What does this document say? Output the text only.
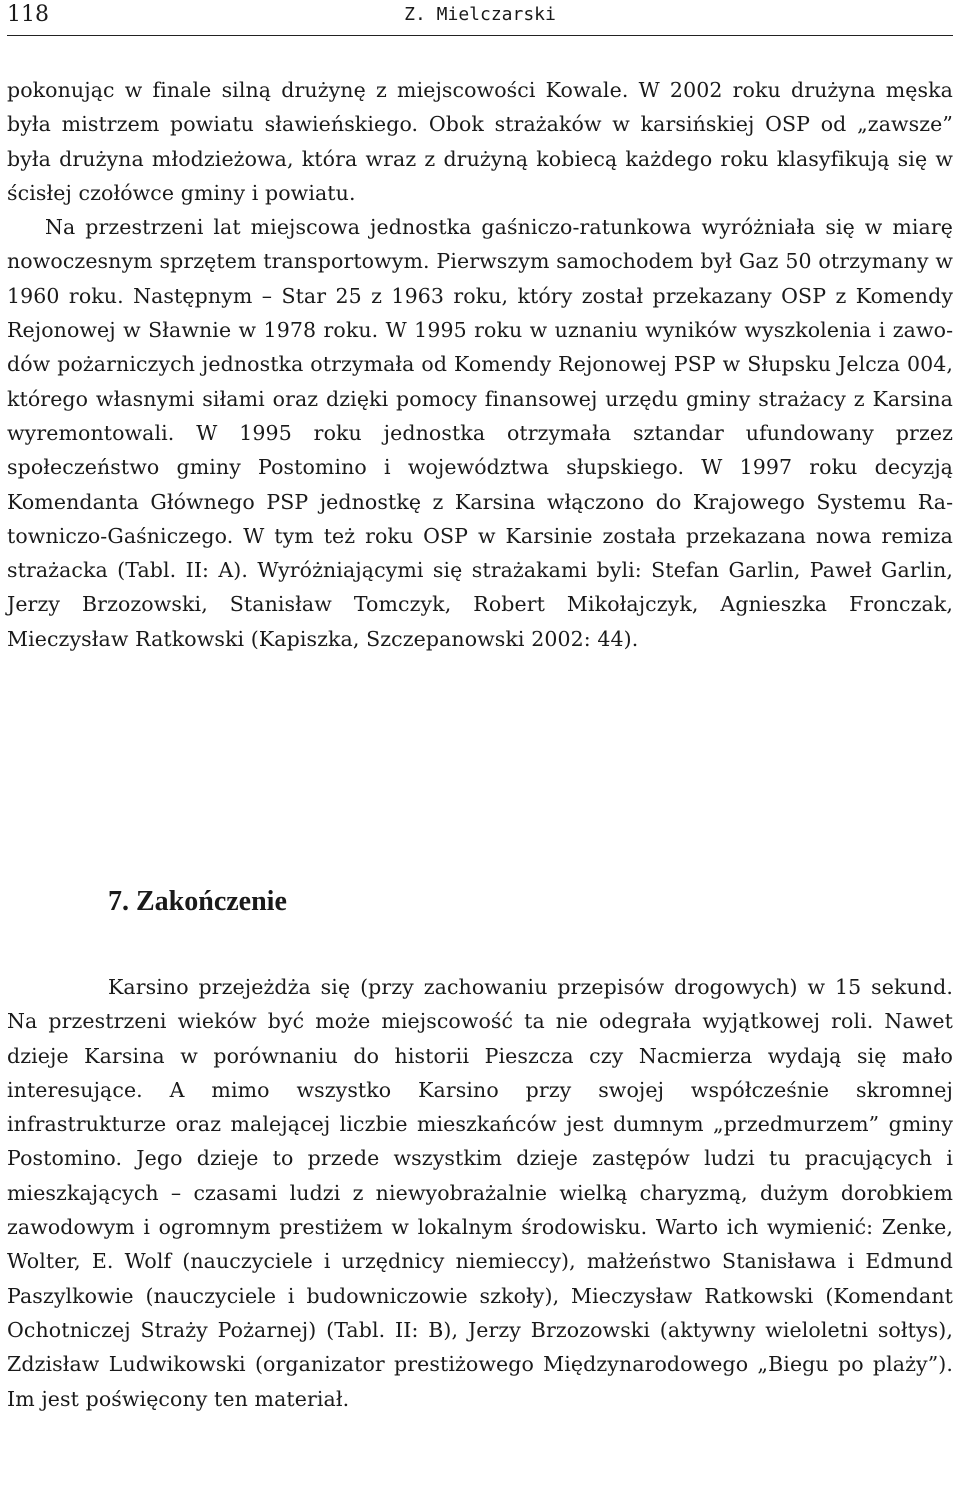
118	Z. Mielczarski

pokonując w finale silną drużynę z miejscowości Kowale. W 2002 roku drużyna męska była mistrzem powiatu sławieńskiego. Obok strażaków w karsińskiej OSP od „zawsze” była drużyna młodzieżowa, która wraz z drużyną kobiecą każdego roku klasyfikują się w ścisłej czołówce gminy i powiatu.

Na przestrzeni lat miejscowa jednostka gaśniczo-ratunkowa wyróżniała się w miarę nowoczesnym sprzętem transportowym. Pierwszym samochodem był Gaz 50 otrzymany w 1960 roku. Następnym – Star 25 z 1963 roku, który został przekazany OSP z Komendy Rejonowej w Sławnie w 1978 roku. W 1995 roku w uznaniu wyników wyszkolenia i zawodów pożarniczych jednostka otrzymała od Komendy Rejonowej PSP w Słupsku Jelcza 004, którego własnymi siłami oraz dzięki pomocy finansowej urzędu gminy strażacy z Karsina wyremontowali. W 1995 roku jednostka otrzymała sztandar ufundowany przez społeczeństwo gminy Postomino i województwa słupskiego. W 1997 roku decyzją Komendanta Głównego PSP jednostkę z Karsina włączono do Krajowego Systemu Ratowniczo-Gaśniczego. W tym też roku OSP w Karsinie została przekazana nowa remiza strażacka (Tabl. II: A). Wyróżniającymi się strażakami byli: Stefan Garlin, Paweł Garlin, Jerzy Brzozowski, Stanisław Tomczyk, Robert Mikołajczyk, Agnieszka Fronczak, Mieczysław Ratkowski (Kapiszka, Szczepanowski 2002: 44).

7. Zakończenie

Karsino przejeżdża się (przy zachowaniu przepisów drogowych) w 15 sekund. Na przestrzeni wieków być może miejscowość ta nie odegrała wyjątkowej roli. Nawet dzieje Karsina w porównaniu do historii Pieszcza czy Nacmierza wydają się mało interesujące. A mimo wszystko Karsino przy swojej współcześnie skromnej infrastrukturze oraz malejącej liczbie mieszkańców jest dumnym „przedmurzem” gminy Postomino. Jego dzieje to przede wszystkim dzieje zastępów ludzi tu pracujących i mieszkających – czasami ludzi z niewyobrażalnie wielką charyzmą, dużym dorobkiem zawodowym i ogromnym prestiżem w lokalnym środowisku. Warto ich wymienić: Zenke, Wolter, E. Wolf (nauczyciele i urzędnicy niemieccy), małżeństwo Stanisława i Edmund Paszylkowie (nauczyciele i budowniczowie szkoły), Mieczysław Ratkowski (Komendant Ochotniczej Straży Pożarnej) (Tabl. II: B), Jerzy Brzozowski (aktywny wieloletni sołtys), Zdzisław Ludwikowski (organizator prestiżowego Międzynarodowego „Biegu po plaży”). Im jest poświęcony ten materiał.
